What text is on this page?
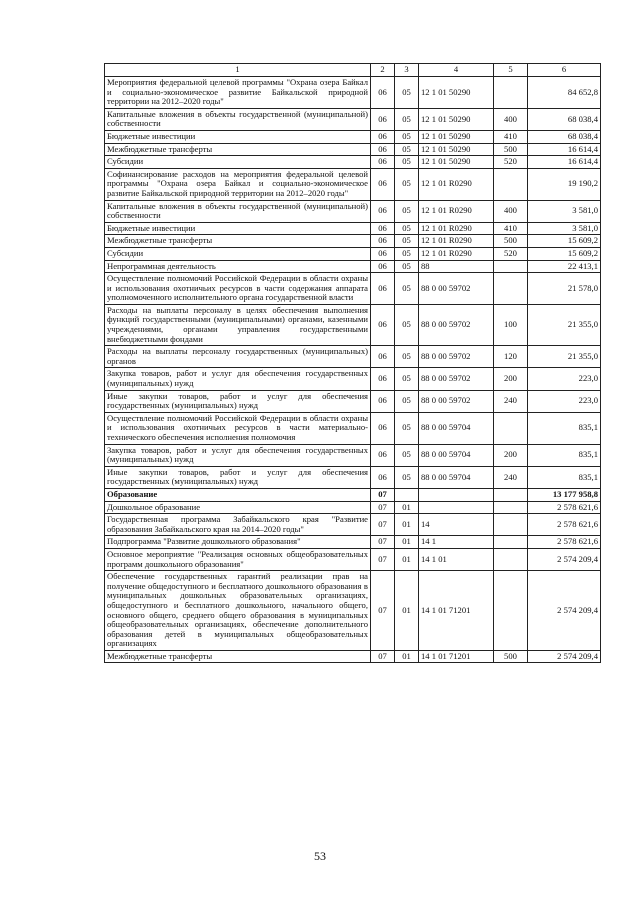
1	2	3	4	5	6
Мероприятия федеральной целевой программы "Охрана озера Байкал и социально-экономическое развитие Байкальской природной территории на 2012–2020 годы"	06	05	12 1 01 50290		84 652,8
Капитальные вложения в объекты государственной (муниципальной) собственности	06	05	12 1 01 50290	400	68 038,4
Бюджетные инвестиции	06	05	12 1 01 50290	410	68 038,4
Межбюджетные трансферты	06	05	12 1 01 50290	500	16 614,4
Субсидии	06	05	12 1 01 50290	520	16 614,4
Софинансирование расходов на мероприятия федеральной целевой программы "Охрана озера Байкал и социально-экономическое развитие Байкальской природной территории на 2012–2020 годы"	06	05	12 1 01 R0290		19 190,2
Капитальные вложения в объекты государственной (муниципальной) собственности	06	05	12 1 01 R0290	400	3 581,0
Бюджетные инвестиции	06	05	12 1 01 R0290	410	3 581,0
Межбюджетные трансферты	06	05	12 1 01 R0290	500	15 609,2
Субсидии	06	05	12 1 01 R0290	520	15 609,2
Непрограммная деятельность	06	05	88		22 413,1
Осуществление полномочий Российской Федерации в области охраны и использования охотничьих ресурсов в части содержания аппарата уполномоченного исполнительного органа государственной власти	06	05	88 0 00 59702		21 578,0
Расходы на выплаты персоналу в целях обеспечения выполнения функций государственными (муниципальными) органами, казенными учреждениями, органами управления государственными внебюджетными фондами	06	05	88 0 00 59702	100	21 355,0
Расходы на выплаты персоналу государственных (муниципальных) органов	06	05	88 0 00 59702	120	21 355,0
Закупка товаров, работ и услуг для обеспечения государственных (муниципальных) нужд	06	05	88 0 00 59702	200	223,0
Иные закупки товаров, работ и услуг для обеспечения государственных (муниципальных) нужд	06	05	88 0 00 59702	240	223,0
Осуществление полномочий Российской Федерации в области охраны и использования охотничьих ресурсов в части материально-технического обеспечения исполнения полномочия	06	05	88 0 00 59704		835,1
Закупка товаров, работ и услуг для обеспечения государственных (муниципальных) нужд	06	05	88 0 00 59704	200	835,1
Иные закупки товаров, работ и услуг для обеспечения государственных (муниципальных) нужд	06	05	88 0 00 59704	240	835,1
Образование	07				13 177 958,8
Дошкольное образование	07	01			2 578 621,6
Государственная программа Забайкальского края "Развитие образования Забайкальского края на 2014–2020 годы"	07	01	14		2 578 621,6
Подпрограмма "Развитие дошкольного образования"	07	01	14 1		2 578 621,6
Основное мероприятие "Реализация основных общеобразовательных программ дошкольного образования"	07	01	14 1 01		2 574 209,4
Обеспечение государственных гарантий реализации прав на получение общедоступного и бесплатного дошкольного образования в муниципальных дошкольных образовательных организациях, общедоступного и бесплатного дошкольного, начального общего, основного общего, среднего общего образования в муниципальных общеобразовательных организациях, обеспечение дополнительного образования детей в муниципальных общеобразовательных организациях	07	01	14 1 01 71201		2 574 209,4
Межбюджетные трансферты	07	01	14 1 01 71201	500	2 574 209,4
53
